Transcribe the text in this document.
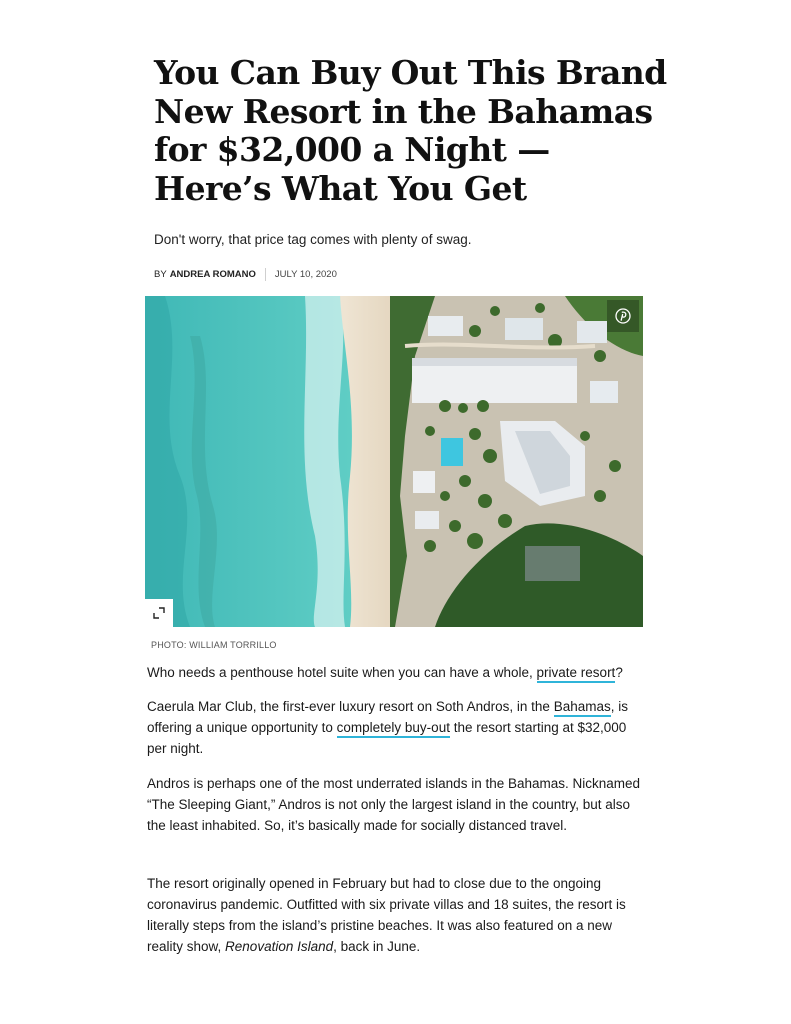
You Can Buy Out This Brand New Resort in the Bahamas for $32,000 a Night — Here’s What You Get
Don't worry, that price tag comes with plenty of swag.
BY ANDREA ROMANO JULY 10, 2020
PHOTO: WILLIAM TORRILLO

Who needs a penthouse hotel suite when you can have a whole, private resort?

Caerula Mar Club, the first-ever luxury resort on Soth Andros, in the Bahamas, is offering a unique opportunity to completely buy-out the resort starting at $32,000 per night.

Andros is perhaps one of the most underrated islands in the Bahamas. Nicknamed “The Sleeping Giant,” Andros is not only the largest island in the country, but also the least inhabited. So, it’s basically made for socially distanced travel.

The resort originally opened in February but had to close due to the ongoing coronavirus pandemic. Outfitted with six private villas and 18 suites, the resort is literally steps from the island’s pristine beaches. It was also featured on a new reality show, Renovation Island, back in June.
